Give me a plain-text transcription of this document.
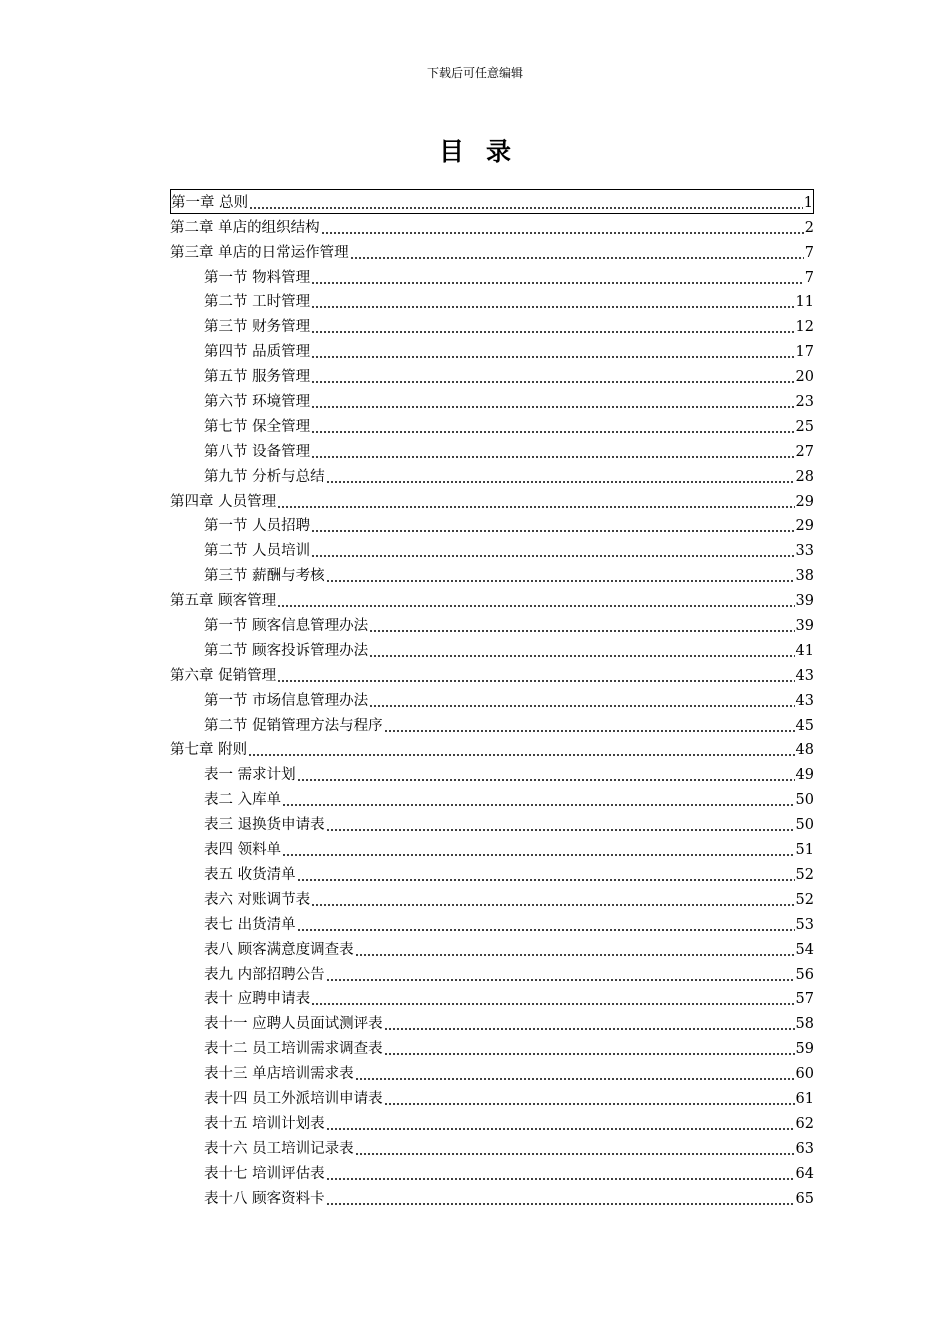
下载后可任意编辑
目录
第一章 总则	1
第二章 单店的组织结构	2
第三章 单店的日常运作管理	7
第一节 物料管理	7
第二节 工时管理	11
第三节 财务管理	12
第四节 品质管理	17
第五节 服务管理	20
第六节 环境管理	23
第七节 保全管理	25
第八节 设备管理	27
第九节 分析与总结	28
第四章 人员管理	29
第一节 人员招聘	29
第二节 人员培训	33
第三节 薪酬与考核	38
第五章 顾客管理	39
第一节 顾客信息管理办法	39
第二节 顾客投诉管理办法	41
第六章 促销管理	43
第一节 市场信息管理办法	43
第二节 促销管理方法与程序	45
第七章 附则	48
表一 需求计划	49
表二 入库单	50
表三 退换货申请表	50
表四 领料单	51
表五 收货清单	52
表六 对账调节表	52
表七 出货清单	53
表八 顾客满意度调查表	54
表九 内部招聘公告	56
表十 应聘申请表	57
表十一 应聘人员面试测评表	58
表十二 员工培训需求调查表	59
表十三 单店培训需求表	60
表十四 员工外派培训申请表	61
表十五 培训计划表	62
表十六 员工培训记录表	63
表十七 培训评估表	64
表十八 顾客资料卡	65
